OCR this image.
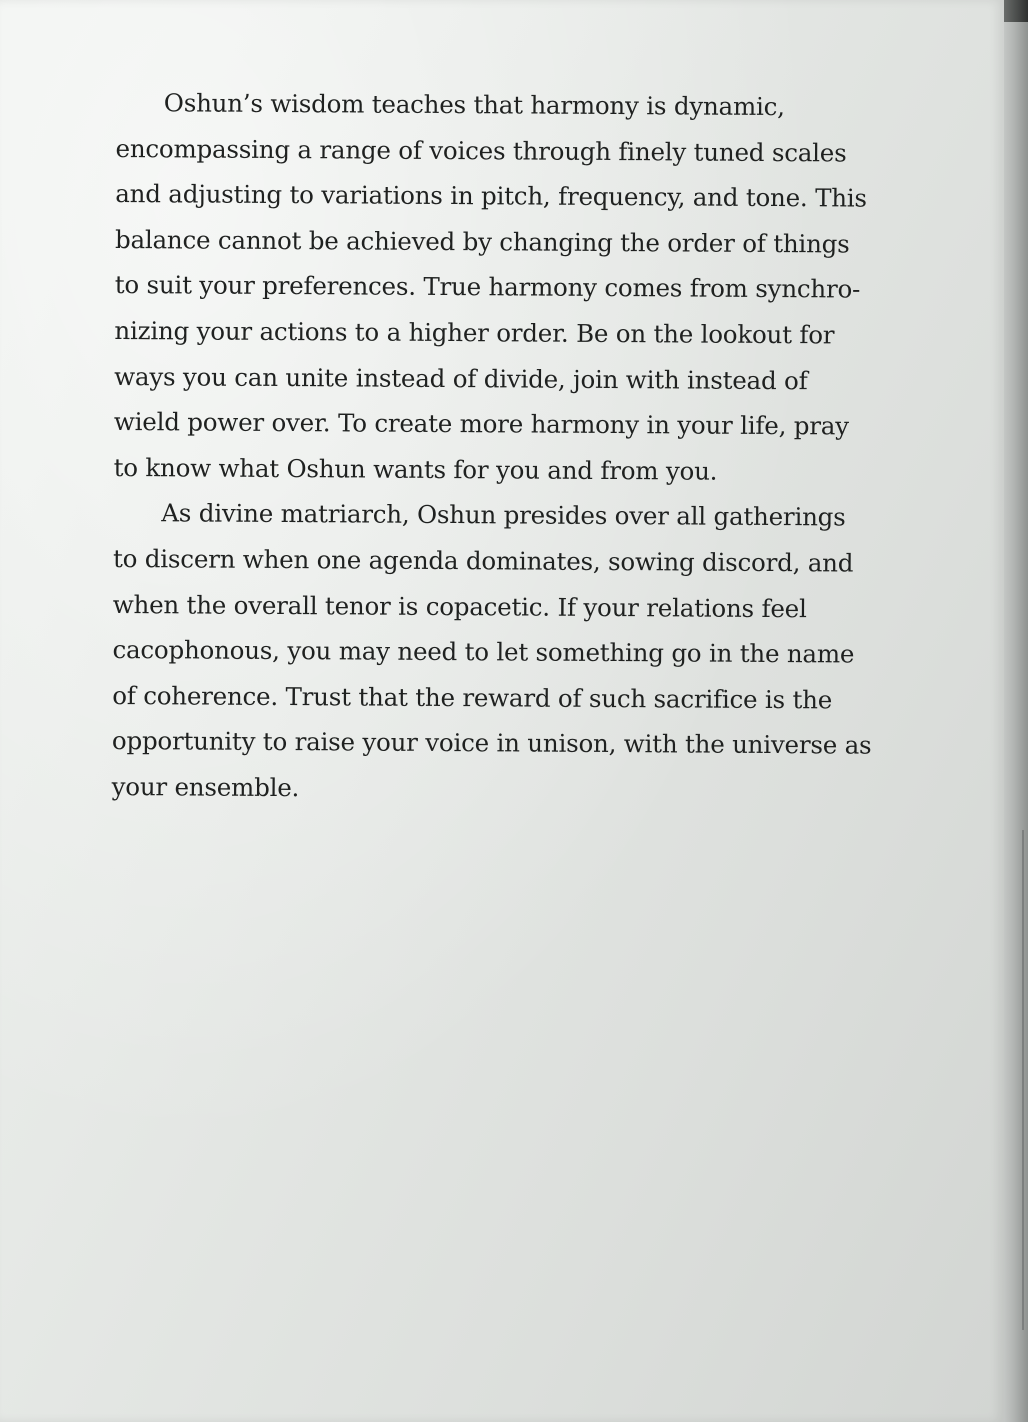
Oshun’s wisdom teaches that harmony is dynamic,
encompassing a range of voices through finely tuned scales
and adjusting to variations in pitch, frequency, and tone. This
balance cannot be achieved by changing the order of things
to suit your preferences. True harmony comes from synchro-
nizing your actions to a higher order. Be on the lookout for
ways you can unite instead of divide, join with instead of
wield power over. To create more harmony in your life, pray
to know what Oshun wants for you and from you.

As divine matriarch, Oshun presides over all gatherings
to discern when one agenda dominates, sowing discord, and
when the overall tenor is copacetic. If your relations feel
cacophonous, you may need to let something go in the name
of coherence. Trust that the reward of such sacrifice is the
opportunity to raise your voice in unison, with the universe as
your ensemble.
